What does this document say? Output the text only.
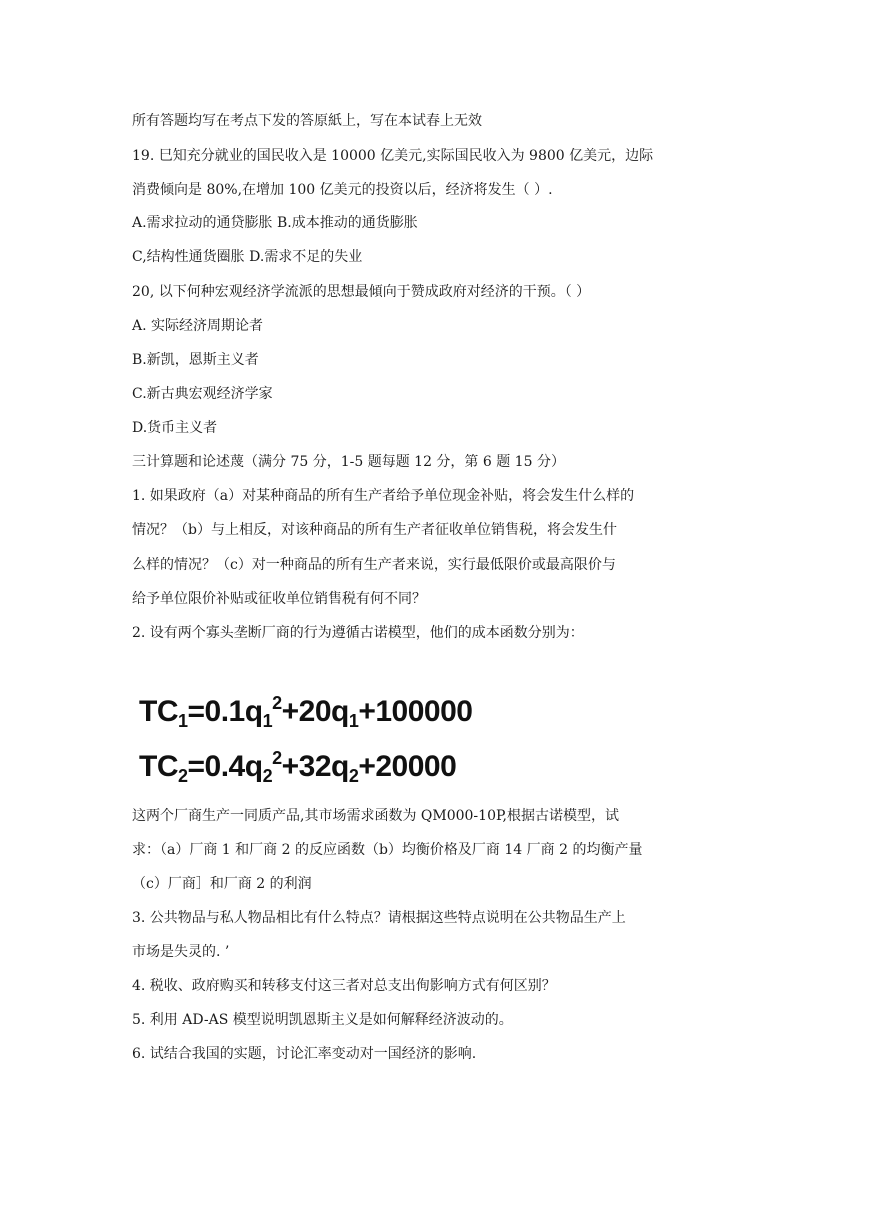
所有答题均写在考点下发的答原紙上，写在本试春上无效
19. 巳知充分就业的国民收入是 10000 亿美元,实际国民收入为 9800 亿美元，边际
消费倾向是 80%,在增加 100 亿美元的投资以后，经济将发生（ ）.
A.需求拉动的通贷膨胀 B.成本推动的通货膨胀
C,结构性通货圈胀 D.需求不足的失业
20, 以下何种宏观经济学流派的思想最傾向于赞成政府对经济的干预。（ ）
A. 实际经济周期论者
B.新凯，恩斯主义者
C.新古典宏观经济学家
D.货币主义者
三计算题和论述蔑（满分 75 分，1-5 题每题 12 分，第 6 题 15 分）
1. 如果政府（a）对某种商品的所有生产者给予单位现金补贴，将会发生什么样的
情况？（b）与上相反，对该种商品的所有生产者征收单位销售税，将会发生什
么样的情况？（c）对一种商品的所有生产者来说，实行最低限价或最高限价与
给予单位限价补贴或征收单位销售税有何不同？
2. 设有两个寡头垄断厂商的行为遵循古诺模型，他们的成本函数分别为：
$TC_1=0.1q_1^2+20q_1+100000$
$TC_2=0.4q_2^2+32q_2+20000$
这两个厂商生产一同质产品,其市场需求函数为 QM000-10P,根据古诺模型，试
求：（a）厂商 1 和厂商 2 的反应函数（b）均衡价格及厂商 14 厂商 2 的均衡产量
（c）厂商］和厂商 2 的利润
3. 公共物品与私人物品相比有什么特点？请根据这些特点说明在公共物品生产上
市场是失灵的. ’
4. 税收、政府购买和转移支付这三者对总支出侚影响方式有何区别？
5. 利用 AD-AS 模型说明凯恩斯主义是如何解释经济波动的。
6. 试结合我国的实题，讨论汇率变动对一国经济的影响.
